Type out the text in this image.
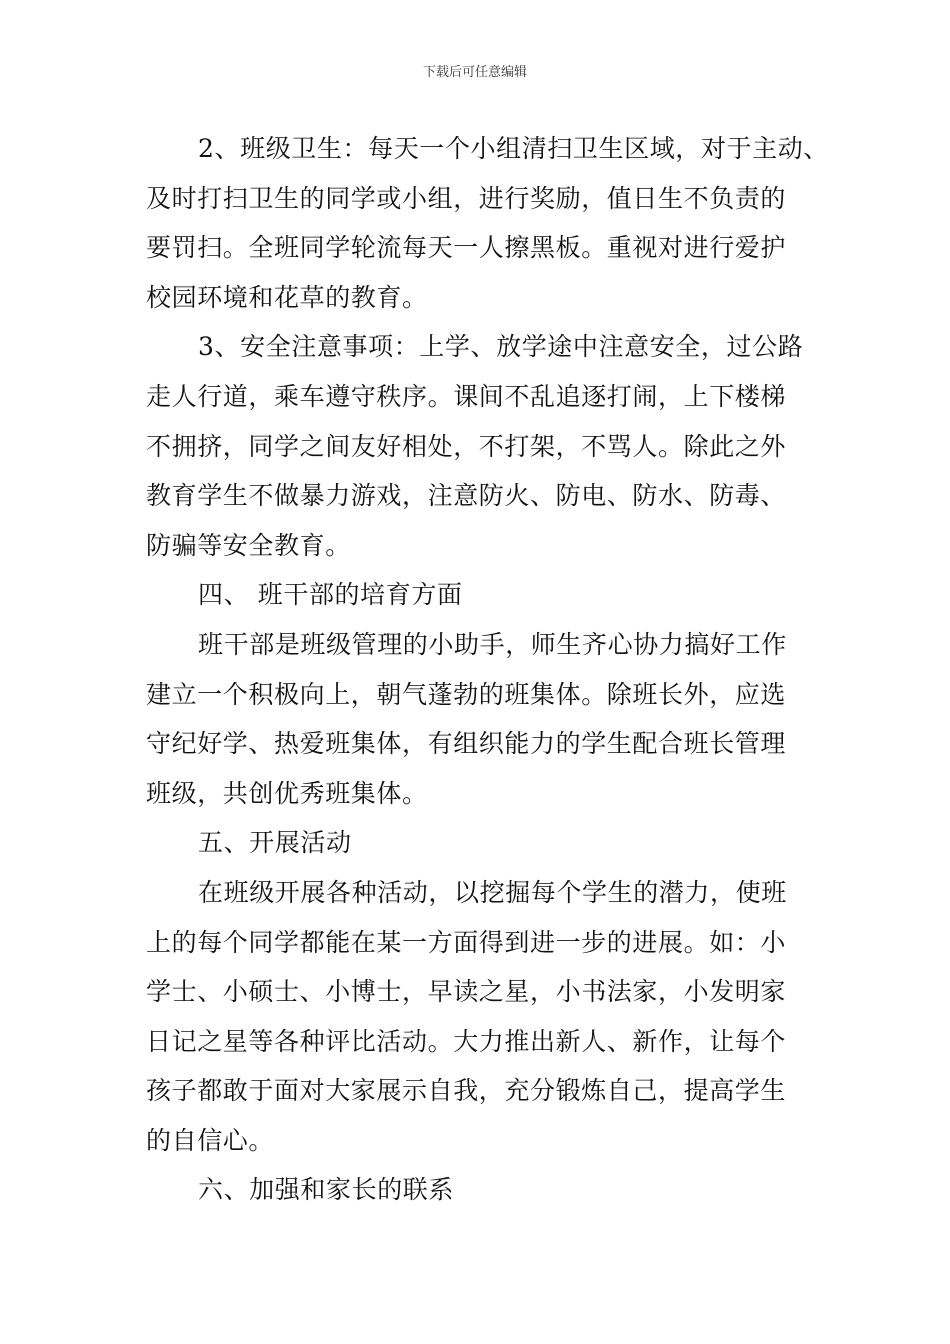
下载后可任意编辑
2、班级卫生：每天一个小组清扫卫生区域，对于主动、
及时打扫卫生的同学或小组，进行奖励，值日生不负责的
要罚扫。全班同学轮流每天一人擦黑板。重视对进行爱护
校园环境和花草的教育。
3、安全注意事项：上学、放学途中注意安全，过公路
走人行道，乘车遵守秩序。课间不乱追逐打闹，上下楼梯
不拥挤，同学之间友好相处，不打架，不骂人。除此之外
教育学生不做暴力游戏，注意防火、防电、防水、防毒、
防骗等安全教育。
四、 班干部的培育方面
班干部是班级管理的小助手，师生齐心协力搞好工作
建立一个积极向上，朝气蓬勃的班集体。除班长外，应选
守纪好学、热爱班集体，有组织能力的学生配合班长管理
班级，共创优秀班集体。
五、开展活动
在班级开展各种活动，以挖掘每个学生的潜力，使班
上的每个同学都能在某一方面得到进一步的进展。如：小
学士、小硕士、小博士，早读之星，小书法家，小发明家
日记之星等各种评比活动。大力推出新人、新作，让每个
孩子都敢于面对大家展示自我，充分锻炼自己，提高学生
的自信心。
六、加强和家长的联系
